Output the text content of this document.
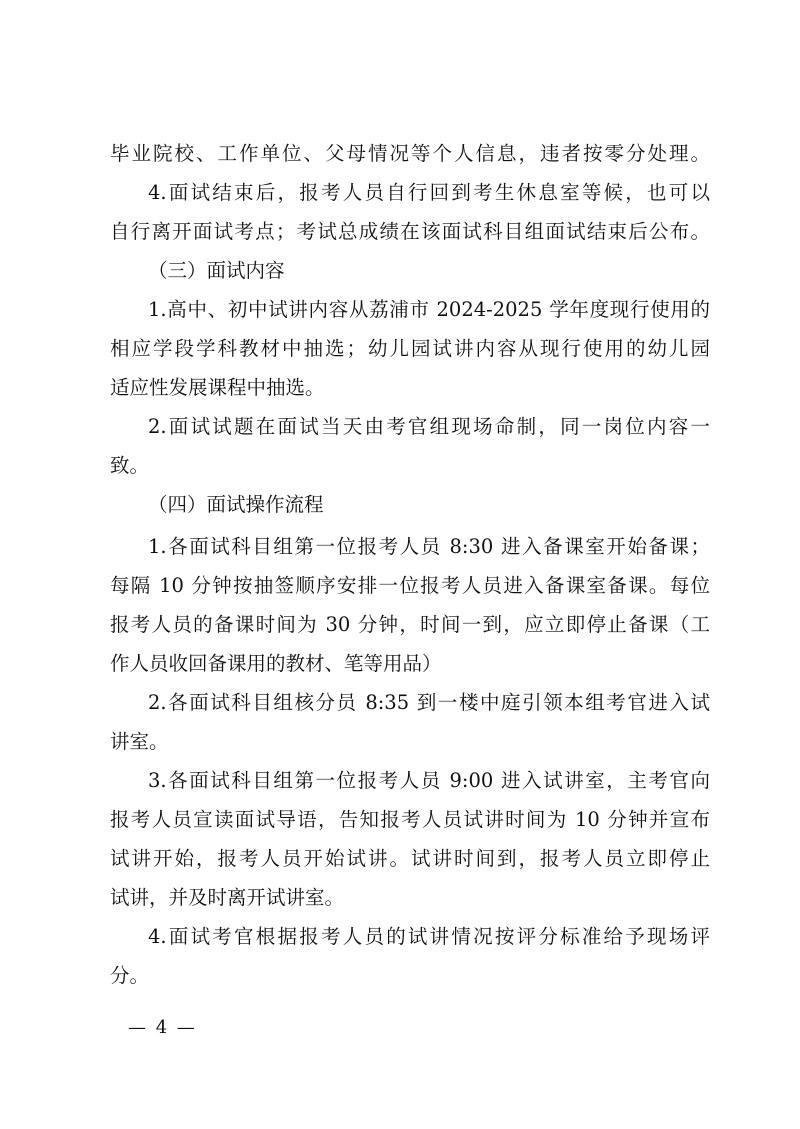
毕业院校、工作单位、父母情况等个人信息，违者按零分处理。
4.面试结束后，报考人员自行回到考生休息室等候，也可以
自行离开面试考点；考试总成绩在该面试科目组面试结束后公布。
（三）面试内容
1.高中、初中试讲内容从荔浦市 2024-2025 学年度现行使用的
相应学段学科教材中抽选；幼儿园试讲内容从现行使用的幼儿园
适应性发展课程中抽选。
2.面试试题在面试当天由考官组现场命制，同一岗位内容一
致。
（四）面试操作流程
1.各面试科目组第一位报考人员 8:30 进入备课室开始备课；
每隔 10 分钟按抽签顺序安排一位报考人员进入备课室备课。每位
报考人员的备课时间为 30 分钟，时间一到，应立即停止备课（工
作人员收回备课用的教材、笔等用品）
2.各面试科目组核分员 8:35 到一楼中庭引领本组考官进入试
讲室。
3.各面试科目组第一位报考人员 9:00 进入试讲室，主考官向
报考人员宣读面试导语，告知报考人员试讲时间为 10 分钟并宣布
试讲开始，报考人员开始试讲。试讲时间到，报考人员立即停止
试讲，并及时离开试讲室。
4.面试考官根据报考人员的试讲情况按评分标准给予现场评
分。
— 4 —
